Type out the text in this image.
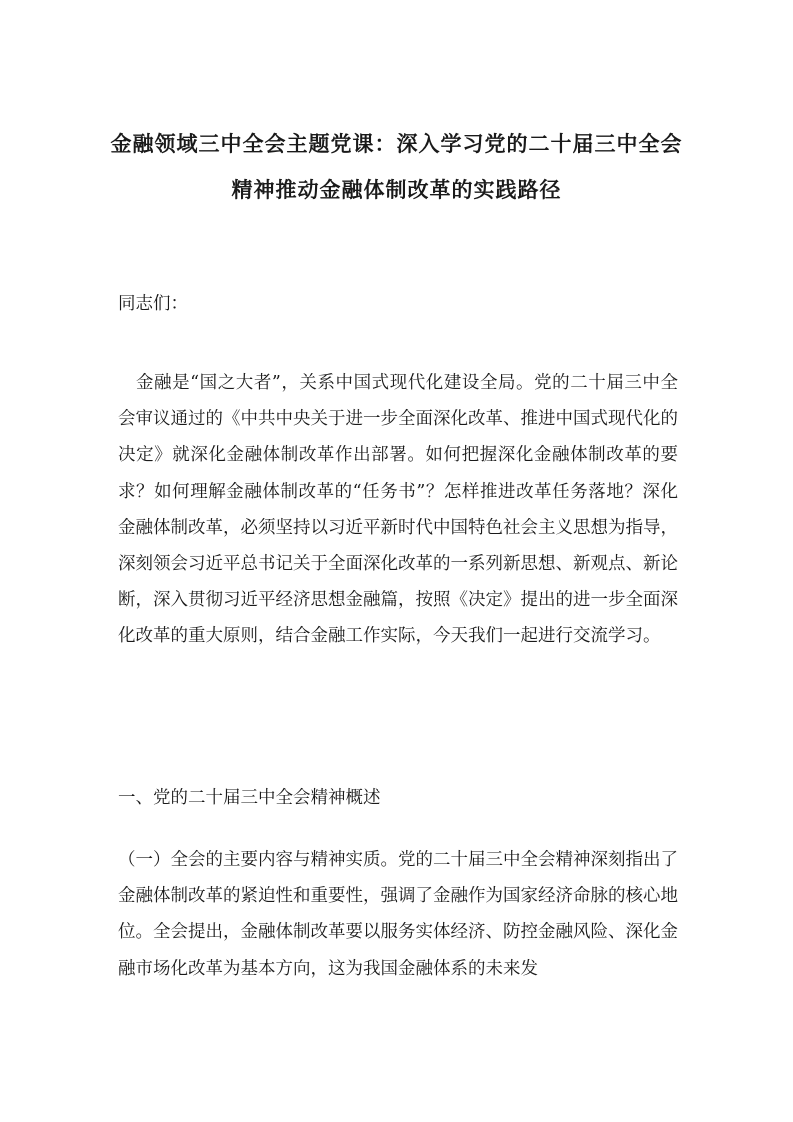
金融领域三中全会主题党课：深入学习党的二十届三中全会
精神推动金融体制改革的实践路径
同志们：
金融是“国之大者”，关系中国式现代化建设全局。党的二十届三中全会审议通过的《中共中央关于进一步全面深化改革、推进中国式现代化的决定》就深化金融体制改革作出部署。如何把握深化金融体制改革的要求？如何理解金融体制改革的“任务书”？怎样推进改革任务落地？深化金融体制改革，必须坚持以习近平新时代中国特色社会主义思想为指导，深刻领会习近平总书记关于全面深化改革的一系列新思想、新观点、新论断，深入贯彻习近平经济思想金融篇，按照《决定》提出的进一步全面深化改革的重大原则，结合金融工作实际，今天我们一起进行交流学习。
一、党的二十届三中全会精神概述
（一）全会的主要内容与精神实质。党的二十届三中全会精神深刻指出了金融体制改革的紧迫性和重要性，强调了金融作为国家经济命脉的核心地位。全会提出，金融体制改革要以服务实体经济、防控金融风险、深化金融市场化改革为基本方向，这为我国金融体系的未来发
